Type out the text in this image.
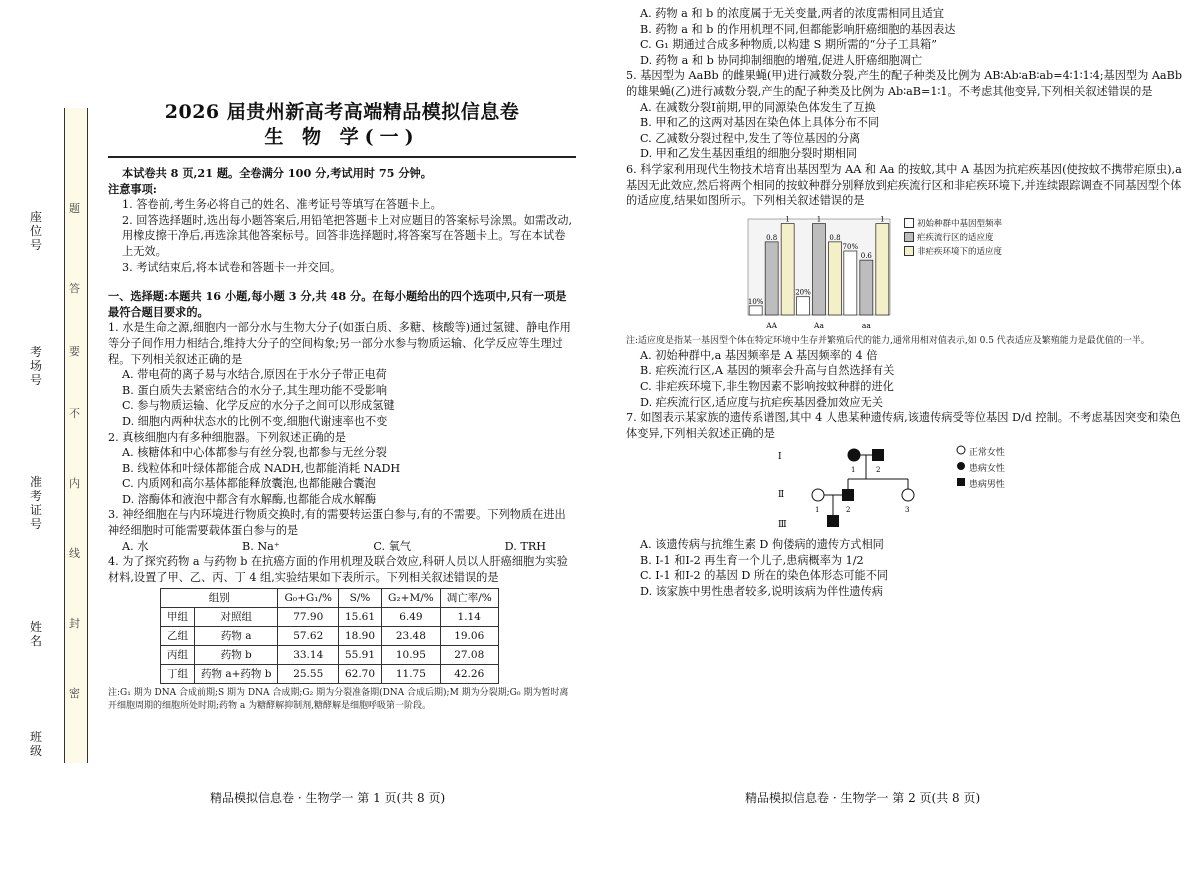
题
答
要
不
内
线
封
密
座位号
考场号
准考证号
姓名
班级
2026 届贵州新高考高端精品模拟信息卷
生 物 学(一)

本试卷共 8 页,21 题。全卷满分 100 分,考试用时 75 分钟。

注意事项:

1. 答卷前,考生务必将自己的姓名、准考证号等填写在答题卡上。

2. 回答选择题时,选出每小题答案后,用铅笔把答题卡上对应题目的答案标号涂黑。如需改动,用橡皮擦干净后,再选涂其他答案标号。回答非选择题时,将答案写在答题卡上。写在本试卷上无效。

3. 考试结束后,将本试卷和答题卡一并交回。

一、选择题:本题共 16 小题,每小题 3 分,共 48 分。在每小题给出的四个选项中,只有一项是最符合题目要求的。

1. 水是生命之源,细胞内一部分水与生物大分子(如蛋白质、多糖、核酸等)通过氢键、静电作用等分子间作用力相结合,维持大分子的空间构象;另一部分水参与物质运输、化学反应等生理过程。下列相关叙述正确的是

A. 带电荷的离子易与水结合,原因在于水分子带正电荷

B. 蛋白质失去紧密结合的水分子,其生理功能不受影响

C. 参与物质运输、化学反应的水分子之间可以形成氢键

D. 细胞内两种状态水的比例不变,细胞代谢速率也不变

2. 真核细胞内有多种细胞器。下列叙述正确的是

A. 核糖体和中心体都参与有丝分裂,也都参与无丝分裂

B. 线粒体和叶绿体都能合成 NADH,也都能消耗 NADH

C. 内质网和高尔基体都能释放囊泡,也都能融合囊泡

D. 溶酶体和液泡中都含有水解酶,也都能合成水解酶

3. 神经细胞在与内环境进行物质交换时,有的需要转运蛋白参与,有的不需要。下列物质在进出神经细胞时可能需要载体蛋白参与的是

A. 水	B. Na⁺	C. 氧气	D. TRH

4. 为了探究药物 a 与药物 b 在抗癌方面的作用机理及联合效应,科研人员以人肝癌细胞为实验材料,设置了甲、乙、丙、丁 4 组,实验结果如下表所示。下列相关叙述错误的是

组别		G₀+G₁/%	S/%	G₂+M/%	凋亡率/%
甲组	对照组	77.90	15.61	6.49	1.14
乙组	药物 a	57.62	18.90	23.48	19.06
丙组	药物 b	33.14	55.91	10.95	27.08
丁组	药物 a+药物 b	25.55	62.70	11.75	42.26

注:G₁ 期为 DNA 合成前期;S 期为 DNA 合成期;G₂ 期为分裂准备期(DNA 合成后期);M 期为分裂期;G₀ 期为暂时离开细胞周期的细胞所处时期;药物 a 为糖酵解抑制剂,糖酵解是细胞呼吸第一阶段。

A. 药物 a 和 b 的浓度属于无关变量,两者的浓度需相同且适宜

B. 药物 a 和 b 的作用机理不同,但都能影响肝癌细胞的基因表达

C. G₁ 期通过合成多种物质,以构建 S 期所需的“分子工具箱”

D. 药物 a 和 b 协同抑制细胞的增殖,促进人肝癌细胞凋亡

5. 基因型为 AaBb 的雌果蝇(甲)进行减数分裂,产生的配子种类及比例为 AB∶Ab∶aB∶ab=4∶1∶1∶4;基因型为 AaBb 的雄果蝇(乙)进行减数分裂,产生的配子种类及比例为 Ab∶aB=1∶1。不考虑其他变异,下列相关叙述错误的是

A. 在减数分裂Ⅰ前期,甲的同源染色体发生了互换

B. 甲和乙的这两对基因在染色体上具体分布不同

C. 乙减数分裂过程中,发生了等位基因的分离

D. 甲和乙发生基因重组的细胞分裂时期相同

6. 科学家利用现代生物技术培育出基因型为 AA 和 Aa 的按蚊,其中 A 基因为抗疟疾基因(使按蚊不携带疟原虫),a 基因无此效应,然后将两个相同的按蚊种群分别释放到疟疾流行区和非疟疾环境下,并连续跟踪调查不同基因型个体的适应度,结果如图所示。下列相关叙述错误的是

10%
0.8
1
AA
20%
1
0.8
Aa
70%
0.6
1
aa
初始种群中基因型频率
疟疾流行区的适应度
非疟疾环境下的适应度

注:适应度是指某一基因型个体在特定环境中生存并繁殖后代的能力,通常用相对值表示,如 0.5 代表适应及繁殖能力是最优值的一半。

A. 初始种群中,a 基因频率是 A 基因频率的 4 倍

B. 疟疾流行区,A 基因的频率会升高与自然选择有关

C. 非疟疾环境下,非生物因素不影响按蚊种群的进化

D. 疟疾流行区,适应度与抗疟疾基因叠加效应无关

7. 如图表示某家族的遗传系谱图,其中 4 人患某种遗传病,该遗传病受等位基因 D/d 控制。不考虑基因突变和染色体变异,下列相关叙述正确的是

Ⅰ
Ⅱ
Ⅲ
1	2
1	2	3
正常女性
患病女性
患病男性

A. 该遗传病与抗维生素 D 佝偻病的遗传方式相同

B. Ⅰ-1 和Ⅰ-2 再生育一个儿子,患病概率为 1/2

C. Ⅰ-1 和Ⅰ-2 的基因 D 所在的染色体形态可能不同

D. 该家族中男性患者较多,说明该病为伴性遗传病

精品模拟信息卷 · 生物学一 第 1 页(共 8 页)	精品模拟信息卷 · 生物学一 第 2 页(共 8 页)
